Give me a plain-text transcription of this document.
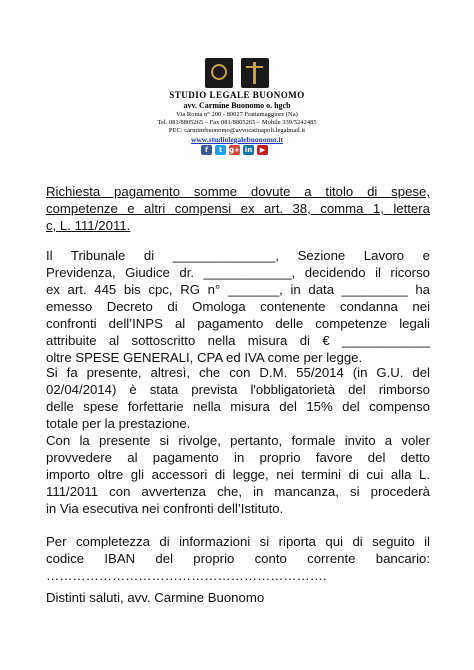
STUDIO LEGALE BUONOMO
avv. Carmine Buonomo o. hgcb
Via Roma n° 200 - 80027 Frattamaggiore (Na)
Tel. 081/8805265 – Fax 081/8805265 – Mobile 339/5242485
PEC: carminebuonomo@avvocatinapoli.legalmail.it
www.studiolegalebuonomo.it
f	t g+ in	▶
Richiesta pagamento somme dovute a titolo di spese,
competenze e altri compensi ex art. 38, comma 1, lettera
c, L. 111/2011.
Il Tribunale di ______________, Sezione Lavoro e
Previdenza, Giudice dr. ____________, decidendo il ricorso
ex art. 445 bis cpc, RG n° _______, in data _________ ha
emesso Decreto di Omologa contenente condanna nei
confronti dell’INPS al pagamento delle competenze legali
attribuite al sottoscritto nella misura di € ____________
oltre SPESE GENERALI, CPA ed IVA come per legge.
Si fa presente, altresì, che con D.M. 55/2014 (in G.U. del
02/04/2014) è stata prevista l'obbligatorietà del rimborso
delle spese forfettarie nella misura del 15% del compenso
totale per la prestazione.
Con la presente si rivolge, pertanto, formale invito a voler
provvedere al pagamento in proprio favore del detto
importo oltre gli accessori di legge, nei termini di cui alla L.
111/2011 con avvertenza che, in mancanza, si procederà
in Via esecutiva nei confronti dell’Istituto.
Per completezza di informazioni si riporta qui di seguito il
codice IBAN del proprio conto corrente bancario:
……………………………………………………….
Distinti saluti, avv. Carmine Buonomo
